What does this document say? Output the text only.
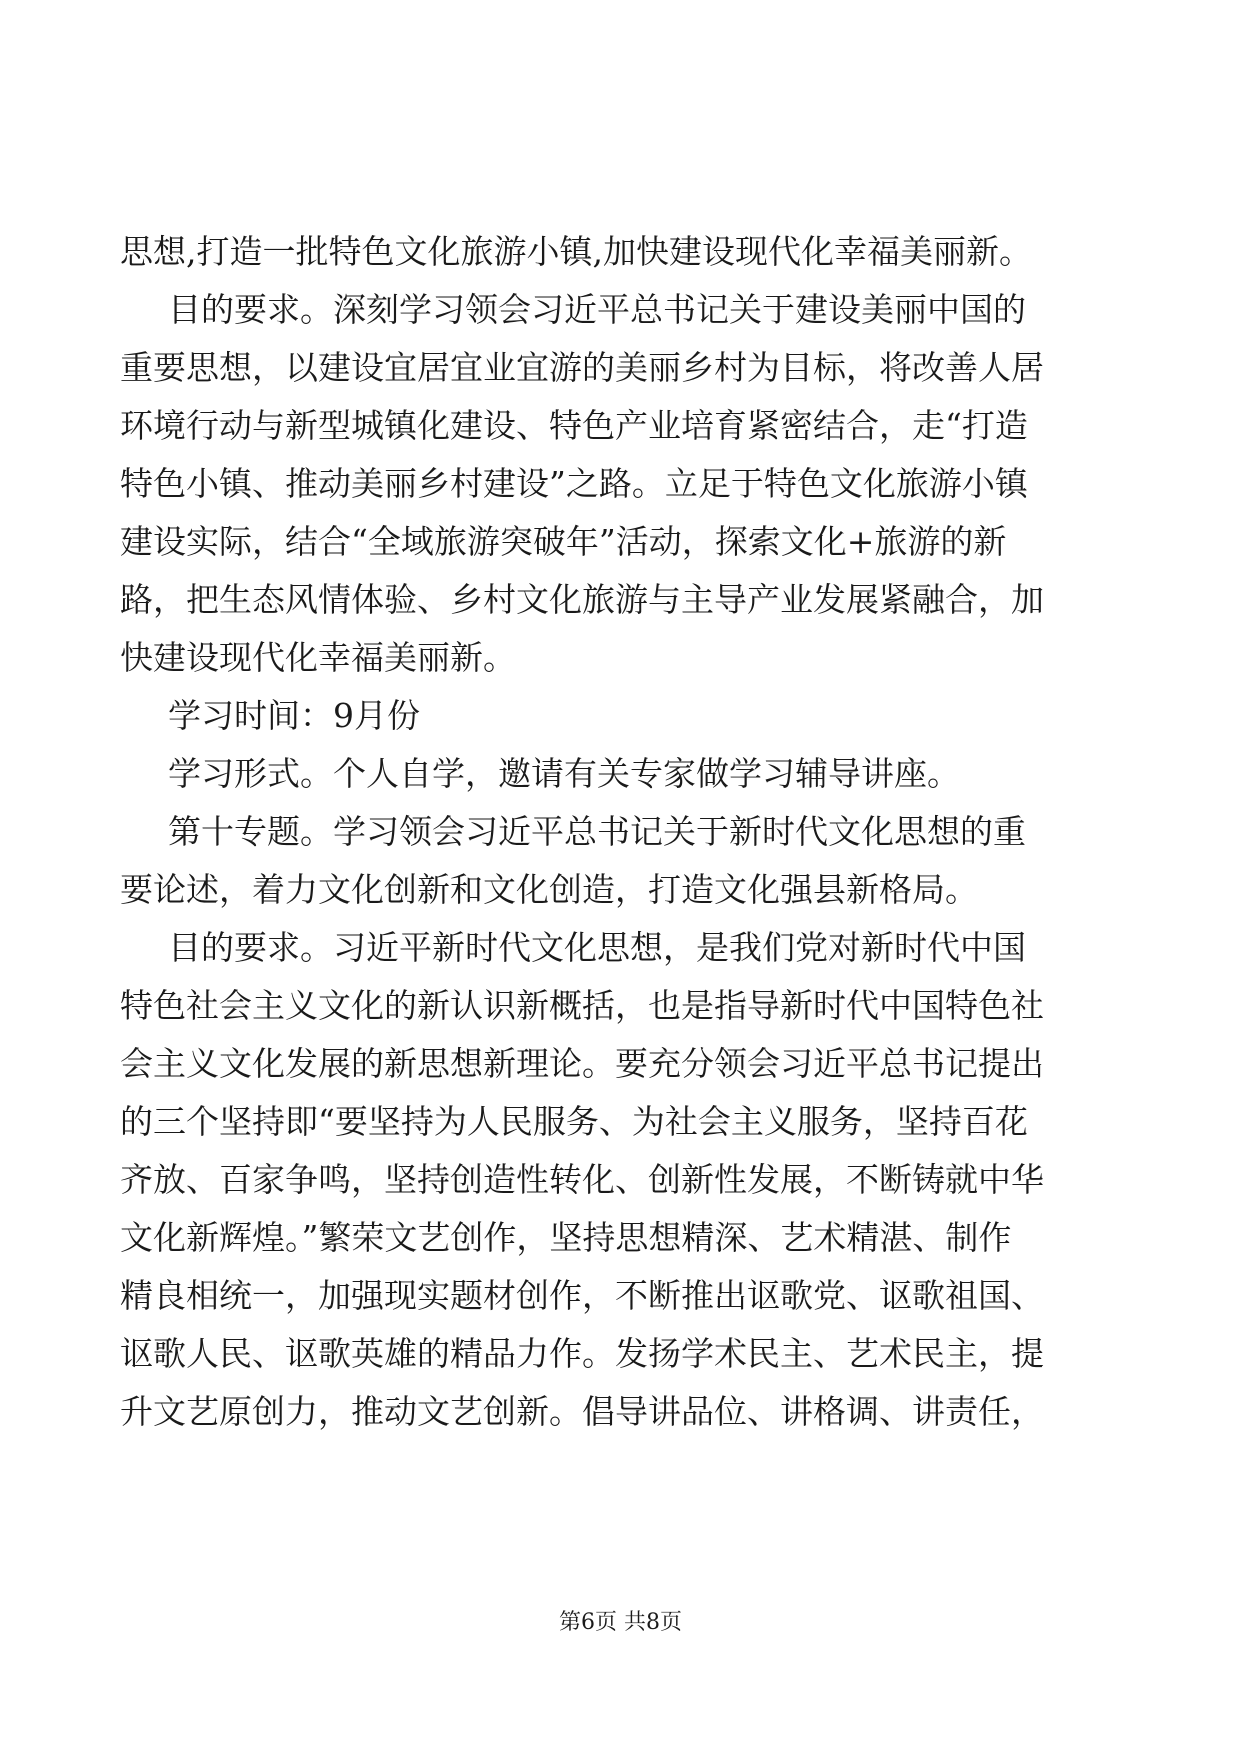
思想,打造一批特色文化旅游小镇,加快建设现代化幸福美丽新。
目的要求。深刻学习领会习近平总书记关于建设美丽中国的
重要思想，以建设宜居宜业宜游的美丽乡村为目标，将改善人居
环境行动与新型城镇化建设、特色产业培育紧密结合，走“打造
特色小镇、推动美丽乡村建设”之路。立足于特色文化旅游小镇
建设实际，结合“全域旅游突破年”活动，探索文化+旅游的新
路，把生态风情体验、乡村文化旅游与主导产业发展紧融合，加
快建设现代化幸福美丽新。
学习时间：9月份
学习形式。个人自学，邀请有关专家做学习辅导讲座。
第十专题。学习领会习近平总书记关于新时代文化思想的重
要论述，着力文化创新和文化创造，打造文化强县新格局。
目的要求。习近平新时代文化思想，是我们党对新时代中国
特色社会主义文化的新认识新概括，也是指导新时代中国特色社
会主义文化发展的新思想新理论。要充分领会习近平总书记提出
的三个坚持即“要坚持为人民服务、为社会主义服务，坚持百花
齐放、百家争鸣，坚持创造性转化、创新性发展，不断铸就中华
文化新辉煌。”繁荣文艺创作，坚持思想精深、艺术精湛、制作
精良相统一，加强现实题材创作，不断推出讴歌党、讴歌祖国、
讴歌人民、讴歌英雄的精品力作。发扬学术民主、艺术民主，提
升文艺原创力，推动文艺创新。倡导讲品位、讲格调、讲责任，
第6页 共8页
